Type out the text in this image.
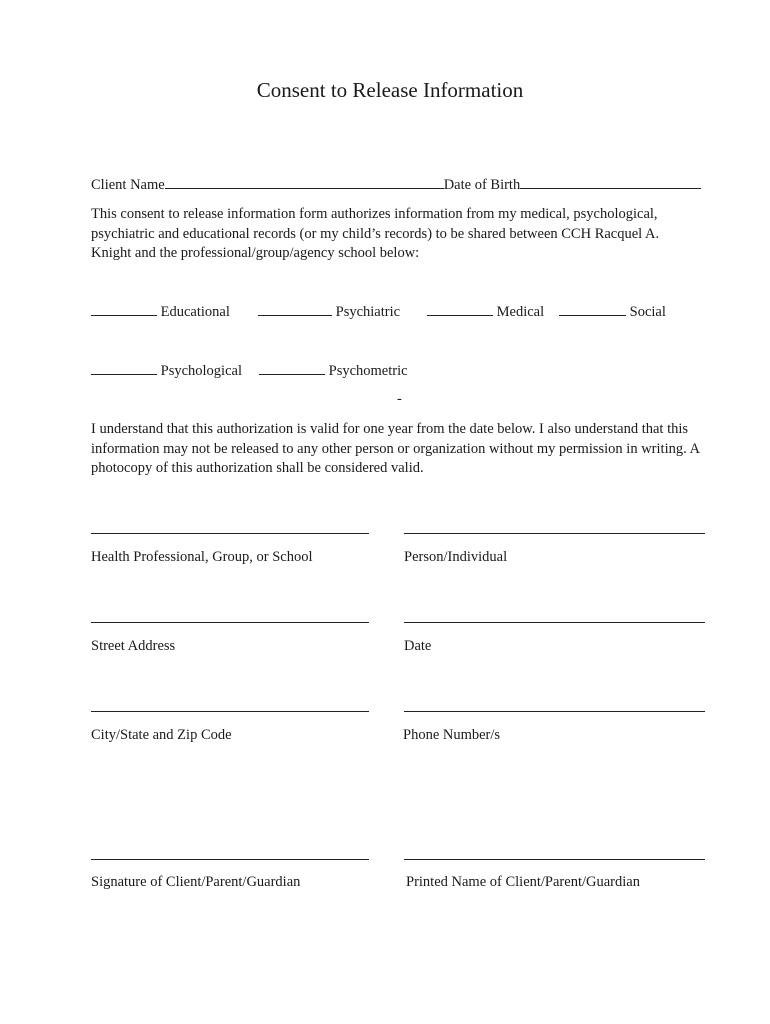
Consent to Release Information
Client Name	Date of Birth
This consent to release information form authorizes information from my medical, psychological, psychiatric and educational records (or my child’s records) to be shared between CCH Racquel A. Knight and the professional/group/agency school below:
Educational	Psychiatric	Medical	Social
Psychological	Psychometric
-
I understand that this authorization is valid for one year from the date below. I also understand that this information may not be released to any other person or organization without my permission in writing. A photocopy of this authorization shall be considered valid.
Health Professional, Group, or School	Person/Individual
Street Address	Date
City/State and Zip Code	Phone Number/s
Signature of Client/Parent/Guardian	Printed Name of Client/Parent/Guardian
